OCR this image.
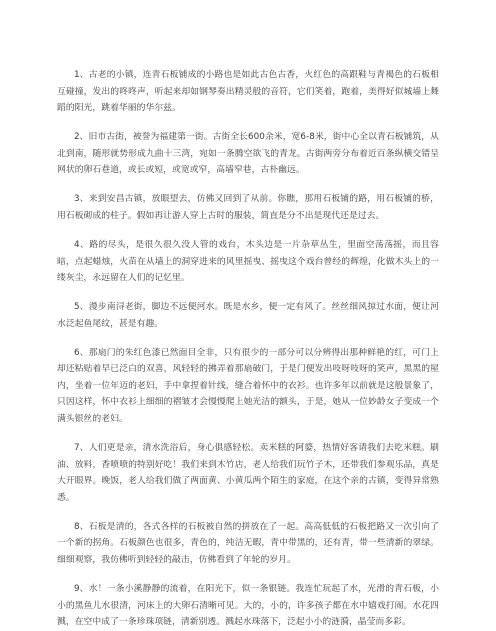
1、古老的小镇，连青石板铺成的小路也是如此古色古香，火红色的高跟鞋与青褐色的石板相互碰撞，发出的咚咚声，听起来却如钢琴奏出精灵般的音符，它们笑着，跑着，美得好似城墙上舞蹈的阳光，跳着华丽的华尔兹。

2、旧市古街，被誉为福建第一街。古街全长600余米，宽6-8米，街中心全以青石板铺筑，从北到南，随形就势形成九曲十三湾，宛如一条腾空欲飞的青龙。古街两旁分布着近百条纵横交错呈网状的卵石巷道，或长或短，或宽或窄，高墙窄巷，古朴幽远。

3、来到安昌古镇，放眼望去，仿佛又回到了从前。你瞧，那用石板铺的路，用石板铺的桥，用石板砌成的柱子。假如再让游人穿上古时的服装，简直是分不出是现代还是过去。

4、路的尽头，是很久很久没人管的戏台，木头边是一片杂草丛生，里面空荡荡摇，而且容暗，点起蜡烛，火苗在从墙上的洞穿进来的风里摇曳、摇曳这个戏台曾经的辉煌，化做木头上的一缕灰尘，永远留在人们的记忆里。

5、漫步南浔老街，脚边不远便河水。既是水乡，便一定有风了。丝丝细风掠过水面，便让河水泛起鱼尾纹，甚是有趣。

6、那扇门的朱红色漆已然面目全非，只有很少的一部分可以分辨得出那种鲜艳的红，可门上却还粘贴着早已泛白的双喜，风轻轻的拂弄着那扇破门，于是门便发出吱呀吱呀的笑声，黑黑的屋内，坐着一位年迈的老妇，手中拿捏着针线，缝合着怀中的衣衫。也许多年以前就是这般景象了，只因这样，怀中衣衫上细细的褶皱才会慢慢爬上她光洁的额头，于是，她从一位妙龄女子变成一个满头银丝的老妇。

7、人们更是亲，清水洗浴后，身心俱感轻松。卖米糕的阿婆，热情好客请我们去吃米糕。刷油、放料，香喷喷的特别好吃！我们来到木竹店，老人给我们玩竹子木，还带我们参观乐品，真是大开眼界。晚饭，老人给我们做了两面黄、小黄瓜两个陌生的家庭，在这个亲的古镇，变得异常熟悉。

8、石板是清的，各式各样的石板被自然的拼放在了一起。高高低低的石板把路又一次引向了一个新的拐角。石板颜色也很多，青色的，纯洁无暇，青中带黑的，还有青，带一些清新的翠绿。细细观察，我仿佛听到轻轻的敲击，仿佛看到了年轮的岁月。

9、水！一条小溪静静的流着，在阳光下，似一条银链。我连忙玩起了水，光滑的青石板，小小的黑鱼儿水很清，河床上的大卵石清晰可见。大的，小的，许多孩子都在水中嬉戏打闹。水花四溅，在空中成了一条珍珠项链，清新别透。溅起水珠落下，泛起小小的涟漪，晶莹而多彩。
